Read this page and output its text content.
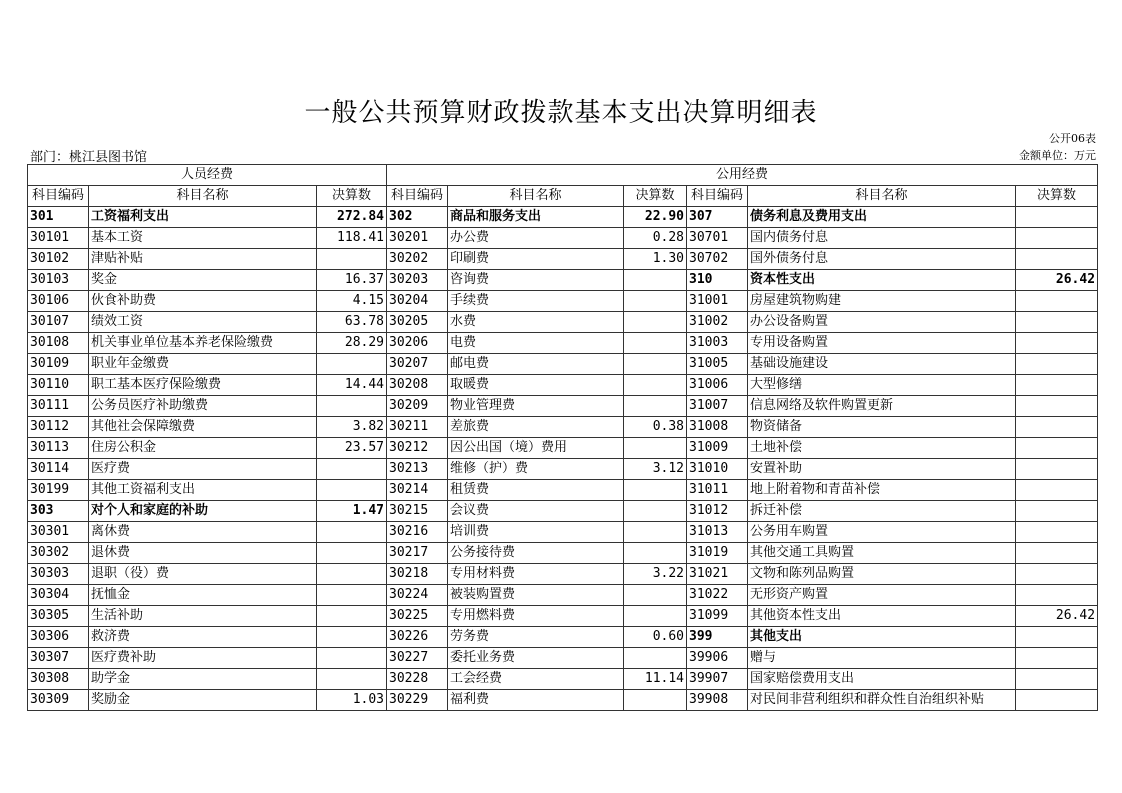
一般公共预算财政拨款基本支出决算明细表
公开06表
部门：桃江县图书馆	金额单位：万元
人员经费			公用经费					
科目编码	科目名称	决算数	科目编码	科目名称	决算数	科目编码	科目名称	决算数
301	工资福利支出	272.84	302	商品和服务支出	22.90	307	债务利息及费用支出	
30101	基本工资	118.41	30201	办公费	0.28	30701	国内债务付息	
30102	津贴补贴		30202	印刷费	1.30	30702	国外债务付息	
30103	奖金	16.37	30203	咨询费		310	资本性支出	26.42
30106	伙食补助费	4.15	30204	手续费		31001	房屋建筑物购建	
30107	绩效工资	63.78	30205	水费		31002	办公设备购置	
30108	机关事业单位基本养老保险缴费	28.29	30206	电费		31003	专用设备购置	
30109	职业年金缴费		30207	邮电费		31005	基础设施建设	
30110	职工基本医疗保险缴费	14.44	30208	取暖费		31006	大型修缮	
30111	公务员医疗补助缴费		30209	物业管理费		31007	信息网络及软件购置更新	
30112	其他社会保障缴费	3.82	30211	差旅费	0.38	31008	物资储备	
30113	住房公积金	23.57	30212	因公出国（境）费用		31009	土地补偿	
30114	医疗费		30213	维修（护）费	3.12	31010	安置补助	
30199	其他工资福利支出		30214	租赁费		31011	地上附着物和青苗补偿	
303	对个人和家庭的补助	1.47	30215	会议费		31012	拆迁补偿	
30301	离休费		30216	培训费		31013	公务用车购置	
30302	退休费		30217	公务接待费		31019	其他交通工具购置	
30303	退职（役）费		30218	专用材料费	3.22	31021	文物和陈列品购置	
30304	抚恤金		30224	被装购置费		31022	无形资产购置	
30305	生活补助		30225	专用燃料费		31099	其他资本性支出	26.42
30306	救济费		30226	劳务费	0.60	399	其他支出	
30307	医疗费补助		30227	委托业务费		39906	赠与	
30308	助学金		30228	工会经费	11.14	39907	国家赔偿费用支出	
30309	奖励金	1.03	30229	福利费		39908	对民间非营利组织和群众性自治组织补贴	
